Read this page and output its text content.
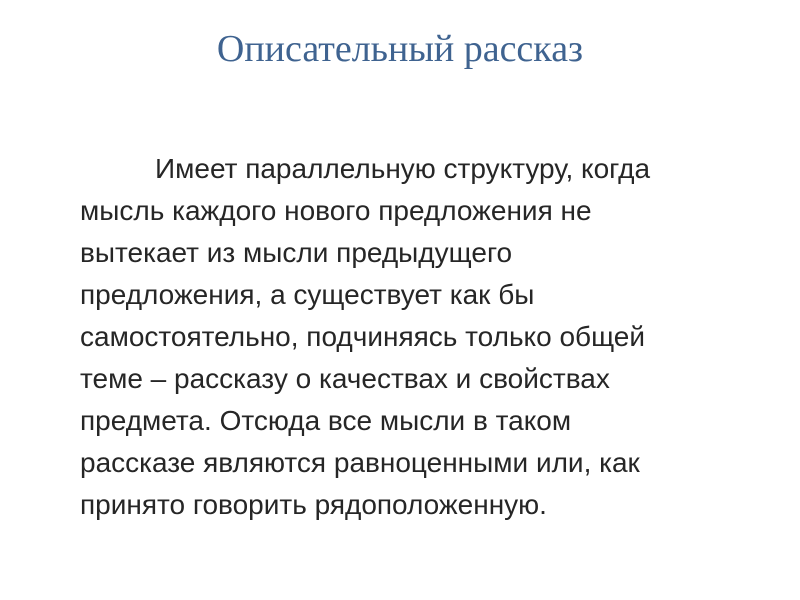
Описательный рассказ
Имеет параллельную структуру, когда
мысль каждого нового предложения не
вытекает из мысли предыдущего
предложения, а существует как бы
самостоятельно, подчиняясь только общей
теме – рассказу о качествах и свойствах
предмета. Отсюда все мысли в таком
рассказе являются равноценными или, как
принято говорить рядоположенную.
